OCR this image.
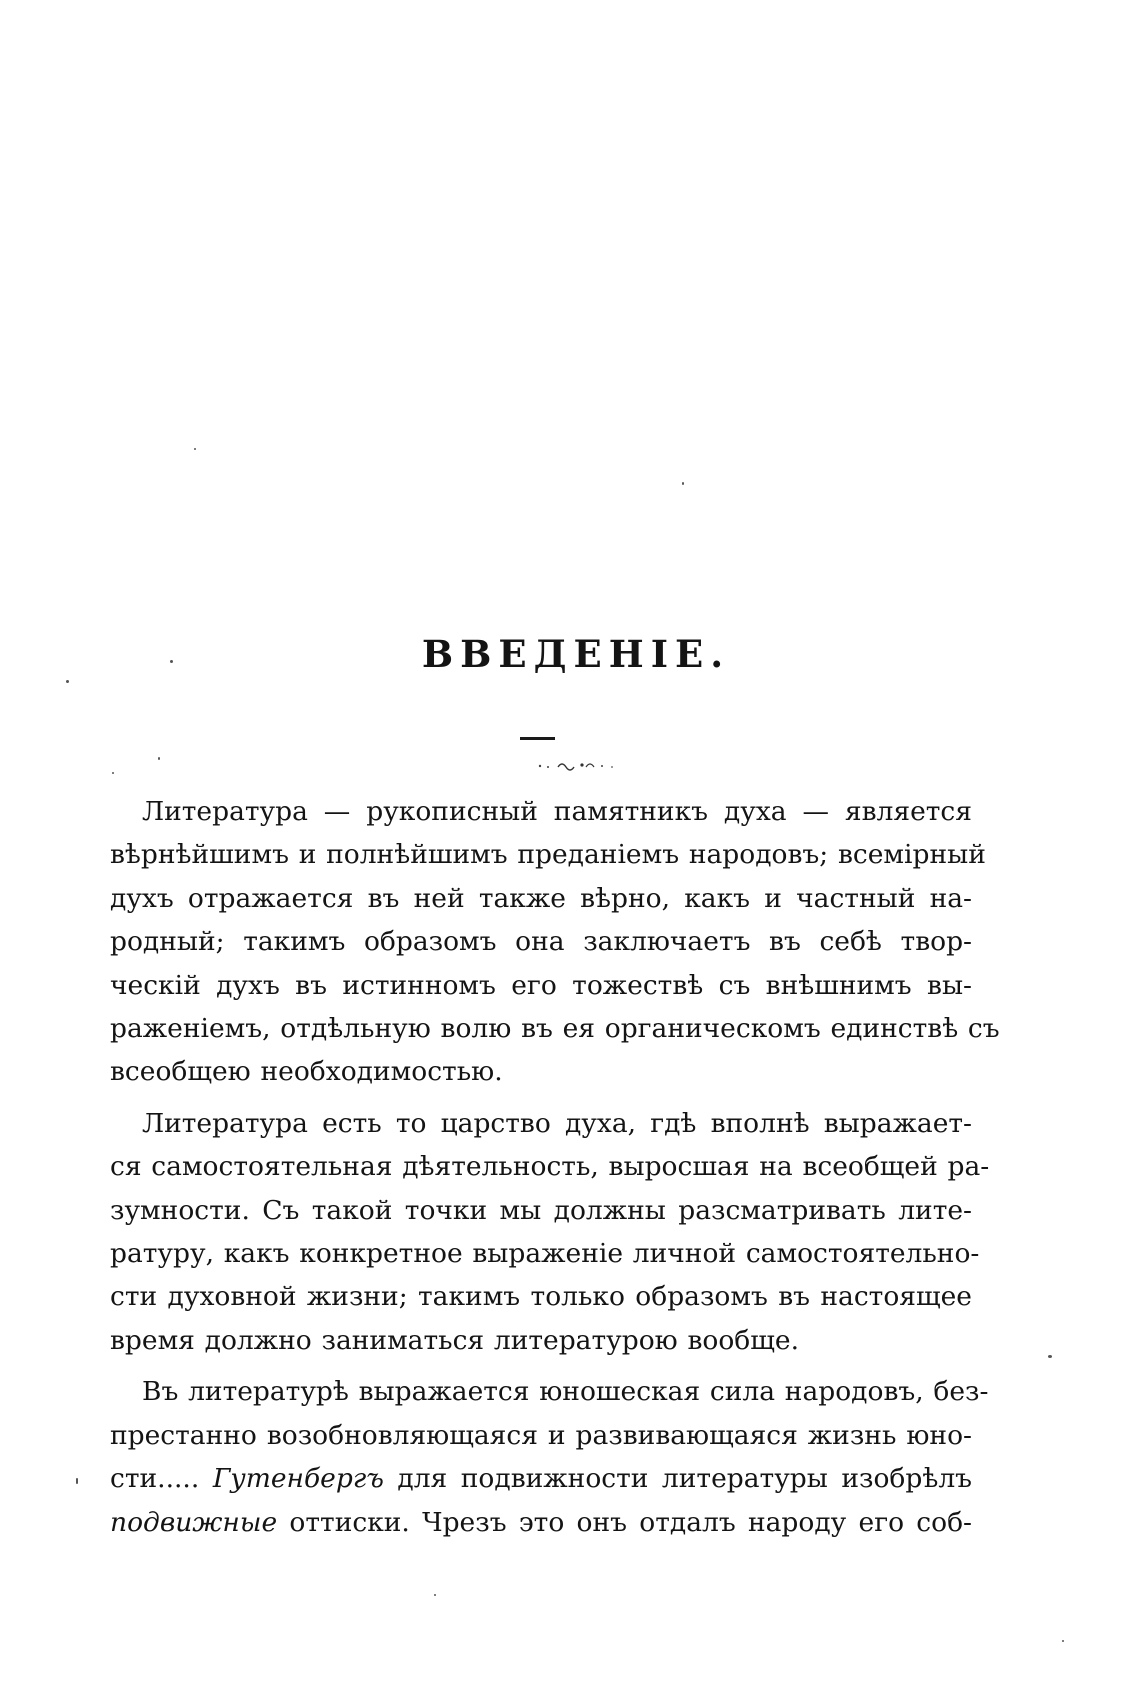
ВВЕДЕНІЕ.

Литература — рукописный памятникъ духа — является
вѣрнѣйшимъ и полнѣйшимъ преданіемъ народовъ; всемірный
духъ отражается въ ней также вѣрно, какъ и частный на-
родный; такимъ образомъ она заключаетъ въ себѣ твор-
ческій духъ въ истинномъ его тожествѣ съ внѣшнимъ вы-
раженіемъ, отдѣльную волю въ ея органическомъ единствѣ съ
всеобщею необходимостью.

Литература есть то царство духа, гдѣ вполнѣ выражает-
ся самостоятельная дѣятельность, выросшая на всеобщей ра-
зумности. Съ такой точки мы должны разсматривать лите-
ратуру, какъ конкретное выраженіе личной самостоятельно-
сти духовной жизни; такимъ только образомъ въ настоящее
время должно заниматься литературою вообще.

Въ литературѣ выражается юношеская сила народовъ, без-
престанно возобновляющаяся и развивающаяся жизнь юно-
сти..... Гутенбергъ для подвижности литературы изобрѣлъ
подвижные оттиски. Чрезъ это онъ отдалъ народу его соб-
